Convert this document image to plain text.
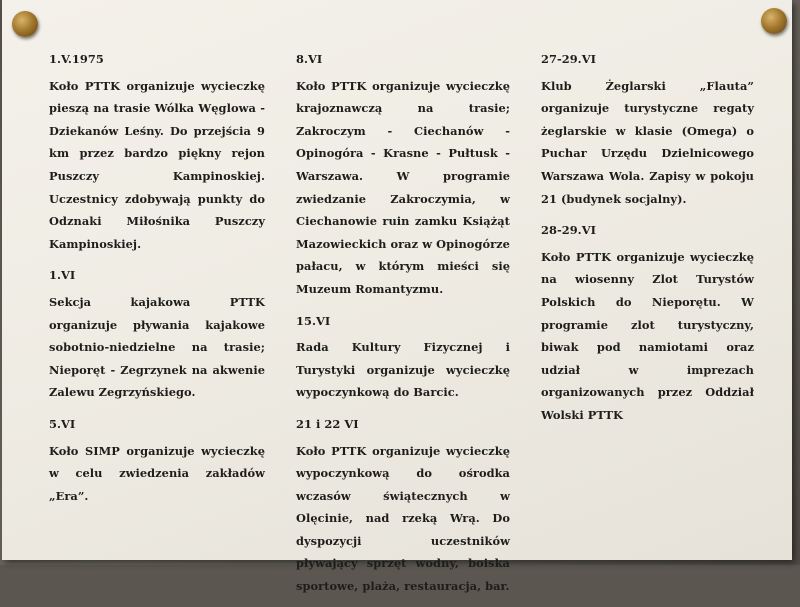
1.V.1975

Koło PTTK organizuje wycieczkę pieszą na trasie Wólka Węglowa - Dziekanów Leśny. Do przejścia 9 km przez bardzo piękny rejon Puszczy Kampinoskiej. Uczestnicy zdobywają punkty do Odznaki Miłośnika Puszczy Kampinoskiej.

1.VI

Sekcja kajakowa PTTK organizuje pływania kajakowe sobotnio-niedzielne na trasie; Nieporęt - Zegrzynek na akwenie Zalewu Zegrzyńskiego.

5.VI

Koło SIMP organizuje wycieczkę w celu zwiedzenia zakładów „Era”.

8.VI

Koło PTTK organizuje wycieczkę krajoznawczą na trasie; Zakroczym - Ciechanów - Opinogóra - Krasne - Pułtusk - Warszawa. W programie zwiedzanie Zakroczymia, w Ciechanowie ruin zamku Książąt Mazowieckich oraz w Opinogórze pałacu, w którym mieści się Muzeum Romantyzmu.

15.VI

Rada Kultury Fizycznej i Turystyki organizuje wycieczkę wypoczynkową do Barcic.

21 i 22 VI

Koło PTTK organizuje wycieczkę wypoczynkową do ośrodka wczasów świątecznych w Olęcinie, nad rzeką Wrą. Do dyspozycji uczestników pływający sprzęt wodny, boiska sportowe, plaża, restauracja, bar.

27-29.VI

Klub Żeglarski „Flauta” organizuje turystyczne regaty żeglarskie w klasie (Omega) o Puchar Urzędu Dzielnicowego Warszawa Wola. Zapisy w pokoju 21 (budynek socjalny).

28-29.VI

Koło PTTK organizuje wycieczkę na wiosenny Zlot Turystów Polskich do Nieporętu. W programie zlot turystyczny, biwak pod namiotami oraz udział w imprezach organizowanych przez Oddział Wolski PTTK
